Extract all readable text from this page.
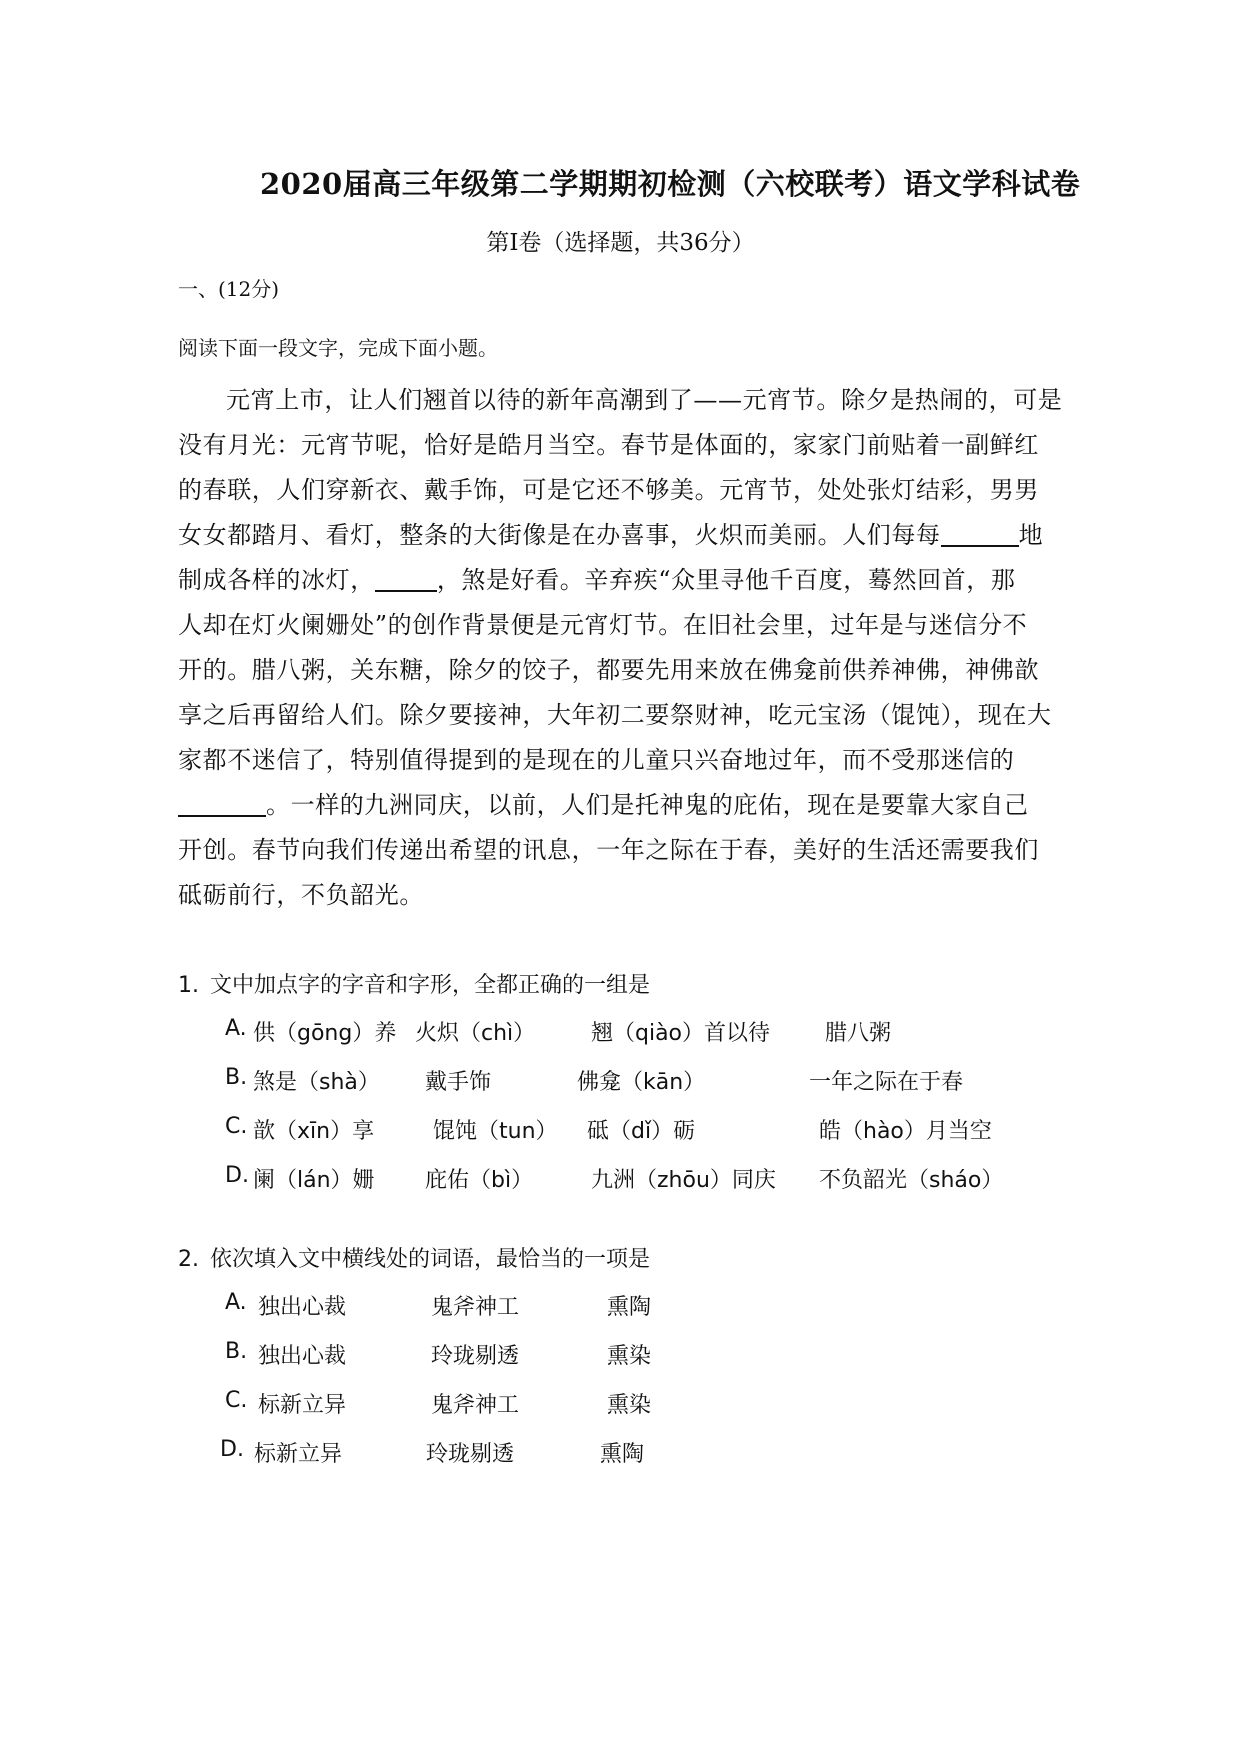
2020届高三年级第二学期期初检测（六校联考）语文学科试卷
第Ⅰ卷（选择题，共36分）
一、(12分)
阅读下面一段文字，完成下面小题。
元宵上市，让人们翘首以待的新年高潮到了——元宵节。除夕是热闹的，可是
没有月光：元宵节呢，恰好是皓月当空。春节是体面的，家家门前贴着一副鲜红
的春联，人们穿新衣、戴手饰，可是它还不够美。元宵节，处处张灯结彩，男男
女女都踏月、看灯，整条的大街像是在办喜事，火炽而美丽。人们每每	地
制成各样的冰灯，	，煞是好看。辛弃疾“众里寻他千百度，蓦然回首，那
人却在灯火阑姗处”的创作背景便是元宵灯节。在旧社会里，过年是与迷信分不
开的。腊八粥，关东糖，除夕的饺子，都要先用来放在佛龛前供养神佛，神佛歆
享之后再留给人们。除夕要接神，大年初二要祭财神，吃元宝汤（馄饨），现在大
家都不迷信了，特别值得提到的是现在的儿童只兴奋地过年，而不受那迷信的
。一样的九洲同庆，以前，人们是托神鬼的庇佑，现在是要靠大家自己
开创。春节向我们传递出希望的讯息，一年之际在于春，美好的生活还需要我们
砥砺前行，不负韶光。
1. 文中加点字的字音和字形，全都正确的一组是
A. 供（gōng）养 火炽（chì）	翘（qiào）首以待 腊八粥
B. 煞是（shà） 戴手饰	佛龛（kān）	一年之际在于春
C. 歆（xīn）享	馄饨（tun） 砥（dǐ）砺	皓（hào）月当空
D. 阑（lán）姗 庇佑（bì）	九洲（zhōu）同庆 不负韶光（sháo）
2. 依次填入文中横线处的词语，最恰当的一项是
A. 独出心裁	鬼斧神工	熏陶
B. 独出心裁	玲珑剔透	熏染
C. 标新立异	鬼斧神工	熏染
D. 标新立异	玲珑剔透	熏陶
